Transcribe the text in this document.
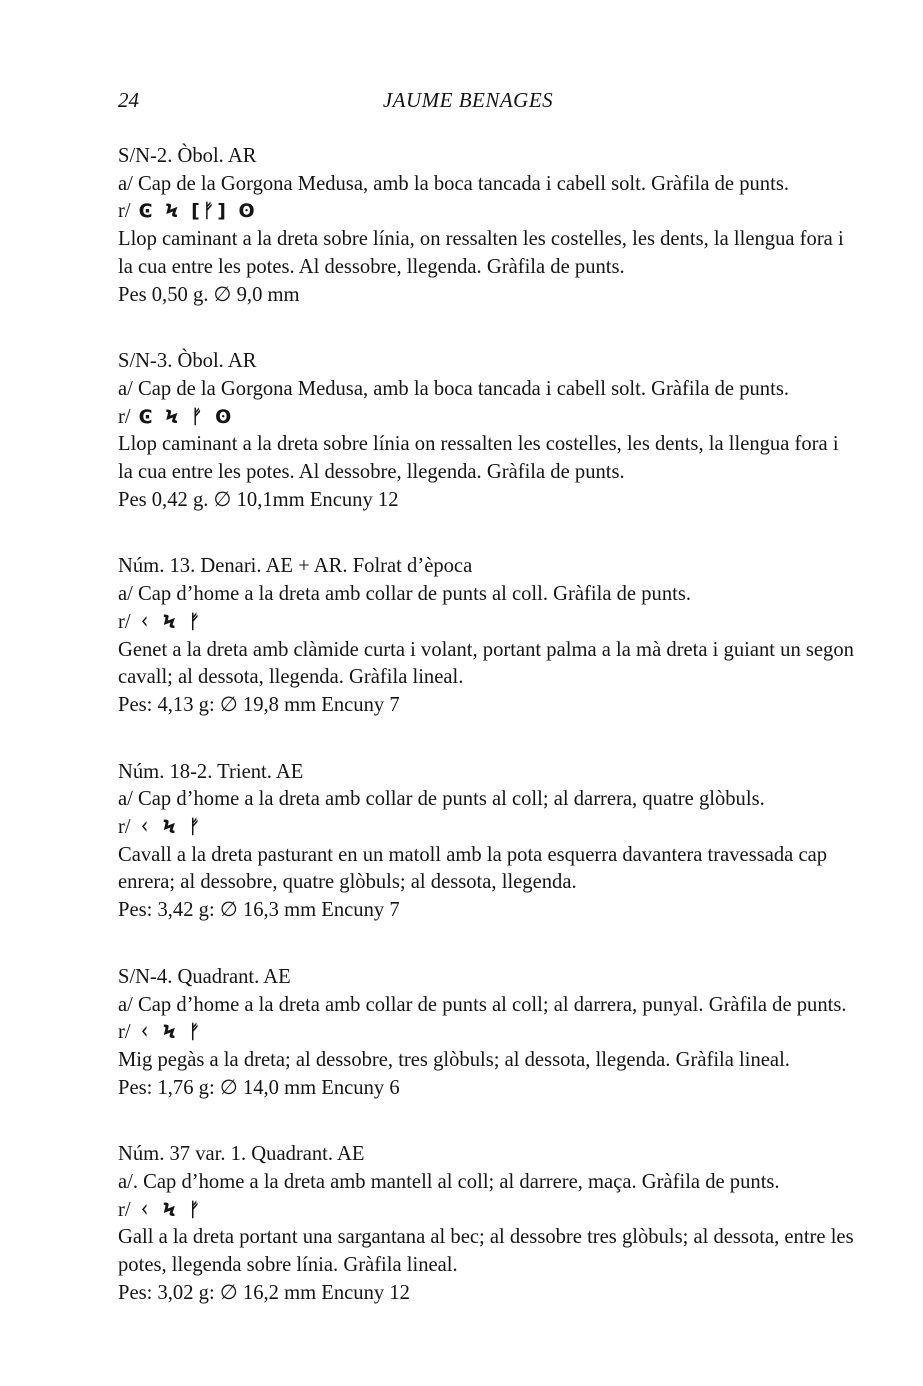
24	JAUME BENAGES

S/N-2. Òbol. AR

a/ Cap de la Gorgona Medusa, amb la boca tancada i cabell solt. Gràfila de punts.

r/ Ͼ Ϟ [ᚠ] ʘ

Llop caminant a la dreta sobre línia, on ressalten les costelles, les dents, la llengua fora i la cua entre les potes. Al dessobre, llegenda. Gràfila de punts.

Pes 0,50 g. ∅ 9,0 mm

S/N-3. Òbol. AR

a/ Cap de la Gorgona Medusa, amb la boca tancada i cabell solt. Gràfila de punts.

r/ Ͼ Ϟ ᚠ ʘ

Llop caminant a la dreta sobre línia on ressalten les costelles, les dents, la llengua fora i la cua entre les potes. Al dessobre, llegenda. Gràfila de punts.

Pes 0,42 g. ∅ 10,1mm Encuny 12

Núm. 13. Denari. AE + AR. Folrat d’època

a/ Cap d’home a la dreta amb collar de punts al coll. Gràfila de punts.

r/ ᚲ Ϟ ᚠ

Genet a la dreta amb clàmide curta i volant, portant palma a la mà dreta i guiant un segon cavall; al dessota, llegenda. Gràfila lineal.

Pes: 4,13 g: ∅ 19,8 mm Encuny 7

Núm. 18-2. Trient. AE

a/ Cap d’home a la dreta amb collar de punts al coll; al darrera, quatre glòbuls.

r/ ᚲ Ϟ ᚠ

Cavall a la dreta pasturant en un matoll amb la pota esquerra davantera travessada cap enrera; al dessobre, quatre glòbuls; al dessota, llegenda.

Pes: 3,42 g: ∅ 16,3 mm Encuny 7

S/N-4. Quadrant. AE

a/ Cap d’home a la dreta amb collar de punts al coll; al darrera, punyal. Gràfila de punts.

r/ ᚲ Ϟ ᚠ

Mig pegàs a la dreta; al dessobre, tres glòbuls; al dessota, llegenda. Gràfila lineal.

Pes: 1,76 g: ∅ 14,0 mm Encuny 6

Núm. 37 var. 1. Quadrant. AE

a/. Cap d’home a la dreta amb mantell al coll; al darrere, maça. Gràfila de punts.

r/ ᚲ Ϟ ᚠ

Gall a la dreta portant una sargantana al bec; al dessobre tres glòbuls; al dessota, entre les potes, llegenda sobre línia. Gràfila lineal.

Pes: 3,02 g: ∅ 16,2 mm Encuny 12
